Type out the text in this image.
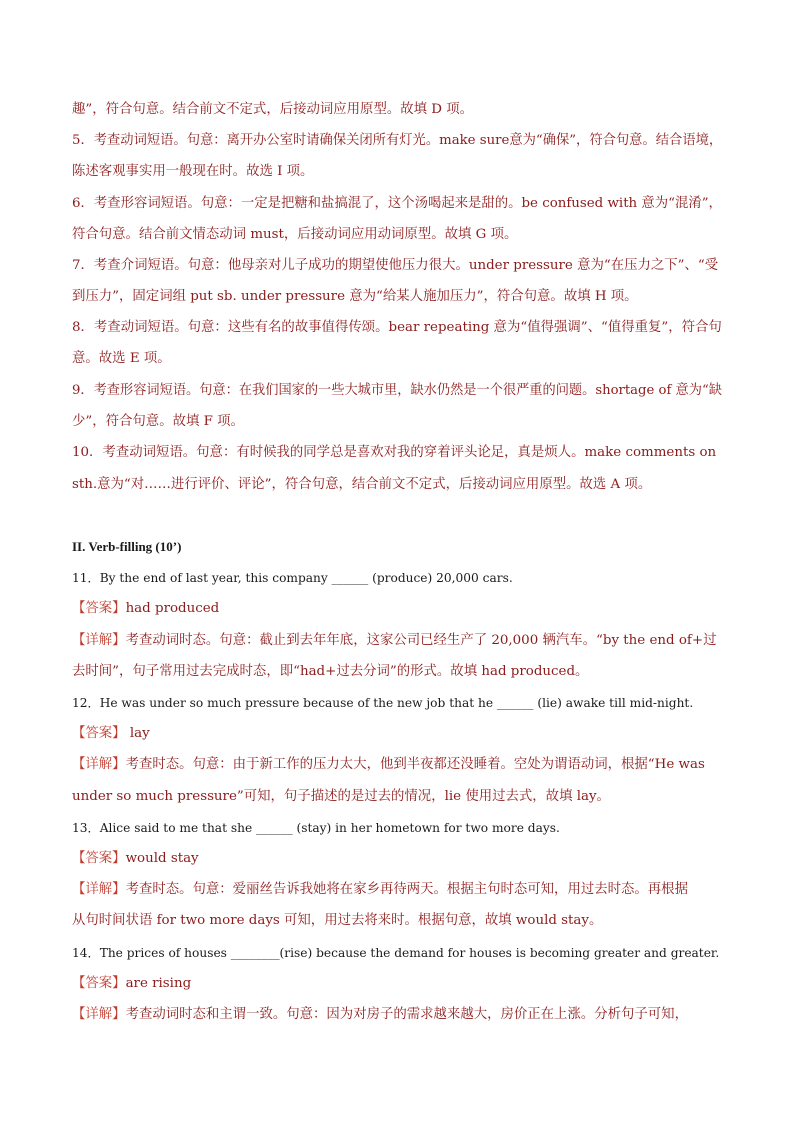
趣”，符合句意。结合前文不定式，后接动词应用原型。故填 D 项。
5．考查动词短语。句意：离开办公室时请确保关闭所有灯光。make sure意为“确保”，符合句意。结合语境，
陈述客观事实用一般现在时。故选 I 项。
6．考查形容词短语。句意：一定是把糖和盐搞混了，这个汤喝起来是甜的。be confused with 意为“混淆”，
符合句意。结合前文情态动词 must，后接动词应用动词原型。故填 G 项。
7．考查介词短语。句意：他母亲对儿子成功的期望使他压力很大。under pressure 意为“在压力之下”、“受
到压力”，固定词组 put sb. under pressure 意为“给某人施加压力”，符合句意。故填 H 项。
8．考查动词短语。句意：这些有名的故事值得传颂。bear repeating 意为“值得强调”、“值得重复”，符合句
意。故选 E 项。
9．考查形容词短语。句意：在我们国家的一些大城市里，缺水仍然是一个很严重的问题。shortage of 意为“缺
少”，符合句意。故填 F 项。
10．考查动词短语。句意：有时候我的同学总是喜欢对我的穿着评头论足，真是烦人。make comments on
sth.意为“对……进行评价、评论”，符合句意，结合前文不定式，后接动词应用原型。故选 A 项。
II. Verb-filling (10’)
11．By the end of last year, this company ______ (produce) 20,000 cars.
【答案】had produced
【详解】考查动词时态。句意：截止到去年年底，这家公司已经生产了 20,000 辆汽车。“by the end of+过
去时间”，句子常用过去完成时态，即“had+过去分词”的形式。故填 had produced。
12．He was under so much pressure because of the new job that he ______ (lie) awake till mid-night.
【答案】 lay
【详解】考查时态。句意：由于新工作的压力太大，他到半夜都还没睡着。空处为谓语动词，根据“He was
under so much pressure”可知，句子描述的是过去的情况，lie 使用过去式，故填 lay。
13．Alice said to me that she ______ (stay) in her hometown for two more days.
【答案】would stay
【详解】考查时态。句意：爱丽丝告诉我她将在家乡再待两天。根据主句时态可知，用过去时态。再根据
从句时间状语 for two more days 可知，用过去将来时。根据句意，故填 would stay。
14．The prices of houses ________(rise) because the demand for houses is becoming greater and greater.
【答案】are rising
【详解】考查动词时态和主谓一致。句意：因为对房子的需求越来越大，房价正在上涨。分析句子可知，
